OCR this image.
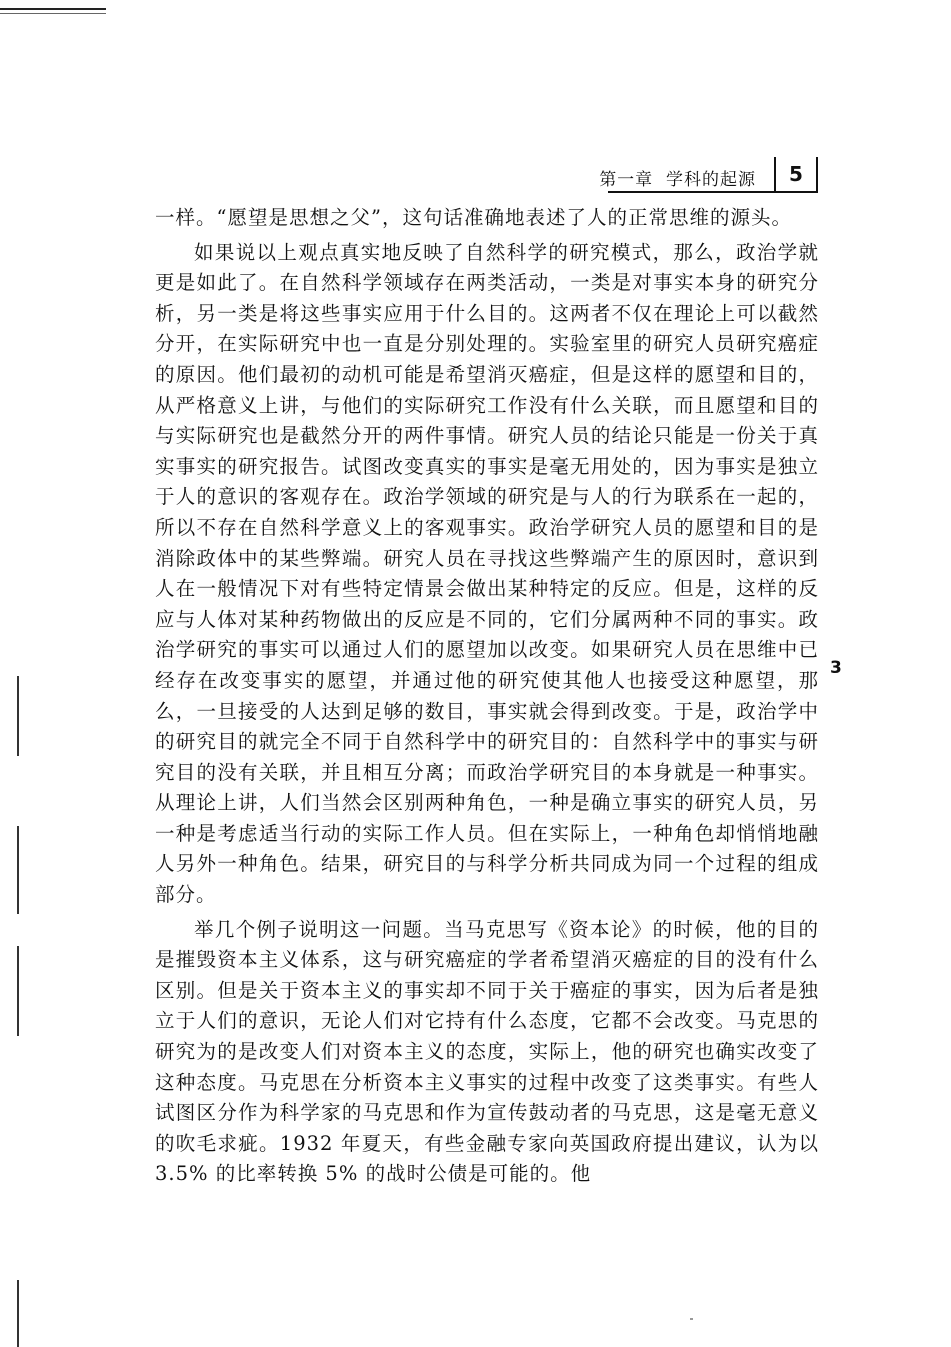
第一章 学科的起源	5

一样。“愿望是思想之父”，这句话准确地表述了人的正常思维的源头。

如果说以上观点真实地反映了自然科学的研究模式，那么，政治学就更是如此了。在自然科学领域存在两类活动，一类是对事实本身的研究分析，另一类是将这些事实应用于什么目的。这两者不仅在理论上可以截然分开，在实际研究中也一直是分别处理的。实验室里的研究人员研究癌症的原因。他们最初的动机可能是希望消灭癌症，但是这样的愿望和目的，从严格意义上讲，与他们的实际研究工作没有什么关联，而且愿望和目的与实际研究也是截然分开的两件事情。研究人员的结论只能是一份关于真实事实的研究报告。试图改变真实的事实是毫无用处的，因为事实是独立于人的意识的客观存在。政治学领域的研究是与人的行为联系在一起的，所以不存在自然科学意义上的客观事实。政治学研究人员的愿望和目的是消除政体中的某些弊端。研究人员在寻找这些弊端产生的原因时，意识到人在一般情况下对有些特定情景会做出某种特定的反应。但是，这样的反应与人体对某种药物做出的反应是不同的，它们分属两种不同的事实。政治学研究的事实可以通过人们的愿望加以改变。如果研究人员在思维中已经存在改变事实的愿望，并通过他的研究使其他人也接受这种愿望，那么，一旦接受的人达到足够的数目，事实就会得到改变。于是，政治学中的研究目的就完全不同于自然科学中的研究目的：自然科学中的事实与研究目的没有关联，并且相互分离；而政治学研究目的本身就是一种事实。从理论上讲，人们当然会区别两种角色，一种是确立事实的研究人员，另一种是考虑适当行动的实际工作人员。但在实际上，一种角色却悄悄地融人另外一种角色。结果，研究目的与科学分析共同成为同一个过程的组成部分。

举几个例子说明这一问题。当马克思写《资本论》的时候，他的目的是摧毁资本主义体系，这与研究癌症的学者希望消灭癌症的目的没有什么区别。但是关于资本主义的事实却不同于关于癌症的事实，因为后者是独立于人们的意识，无论人们对它持有什么态度，它都不会改变。马克思的研究为的是改变人们对资本主义的态度，实际上，他的研究也确实改变了这种态度。马克思在分析资本主义事实的过程中改变了这类事实。有些人试图区分作为科学家的马克思和作为宣传鼓动者的马克思，这是毫无意义的吹毛求疵。1932 年夏天，有些金融专家向英国政府提出建议，认为以 3.5% 的比率转换 5% 的战时公债是可能的。他

3
